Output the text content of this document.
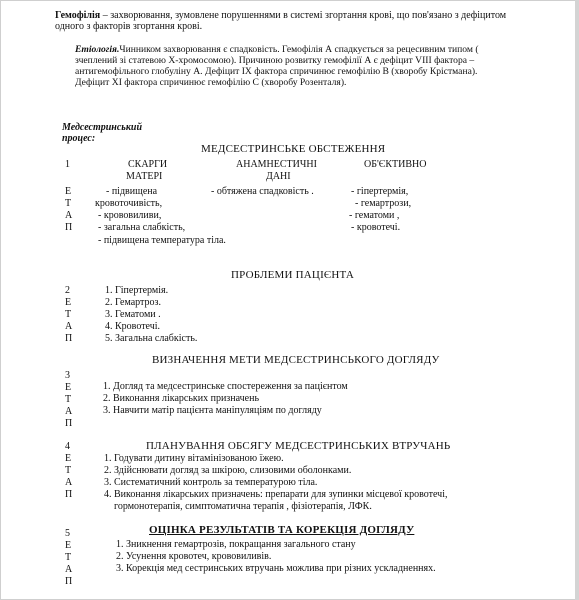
Гемофілія – захворювання, зумовлене порушеннями в системі згортання крові, що пов'язано з дефіцитом одного з факторів згортання крові.
Етіологія.Чинником захворювання є спадковість. Гемофілія А спадкується за рецесивним типом ( зчеплений зі статевою Х-хромосомою). Причиною розвитку гемофілії А є дефіцит VIII фактора – антигемофільного глобуліну А. Дефіцит IX фактора спричинює гемофілію В (хворобу Крістмана). Дефіцит XI фактора спричинює гемофілію С (хворобу Розенталя).
Медсестринський
процес:
МЕДСЕСТРИНСЬКЕ ОБСТЕЖЕННЯ
1	СКАРГИ
МАТЕРІ
АНАМНЕСТИЧНІ
ДАНІ
ОБ'ЄКТИВНО
Е
Т
А
П
- підвищена
кровоточивість,
- крововиливи,
- загальна слабкість,
- підвищена температура тіла.
- обтяжена спадковість .	- гіпертермія,
- гемартрози,
- гематоми ,
- кровотечі.
ПРОБЛЕМИ ПАЦІЄНТА
2
Е
Т
А
П
1. Гіпертермія.
2. Гемартроз.
3. Гематоми .
4. Кровотечі.
5. Загальна слабкість.
ВИЗНАЧЕННЯ МЕТИ МЕДСЕСТРИНСЬКОГО ДОГЛЯДУ
3
Е
Т
А
П
1. Догляд та медсестринське спостереження за пацієнтом
2. Виконання лікарських призначень
3. Навчити матір пацієнта маніпуляціям по догляду
ПЛАНУВАННЯ ОБСЯГУ МЕДСЕСТРИНСЬКИХ ВТРУЧАНЬ
4
Е
Т
А
П
1. Годувати дитину вітамінізованою їжею.
2. Здійснювати догляд за шкірою, слизовими оболонками.
3. Систематичний контроль за температурою тіла.
4. Виконання лікарських призначень: препарати для зупинки місцевої кровотечі,
гормонотерапія, симптоматична терапія , фізіотерапія, ЛФК.
ОЦІНКА РЕЗУЛЬТАТІВ ТА КОРЕКЦІЯ ДОГЛЯДУ
5
Е
Т
А
П
1. Зникнення гемартрозів, покращання загального стану
2. Усунення кровотеч, крововиливів.
3. Корекція мед сестринських втручань можлива при різних ускладненнях.
